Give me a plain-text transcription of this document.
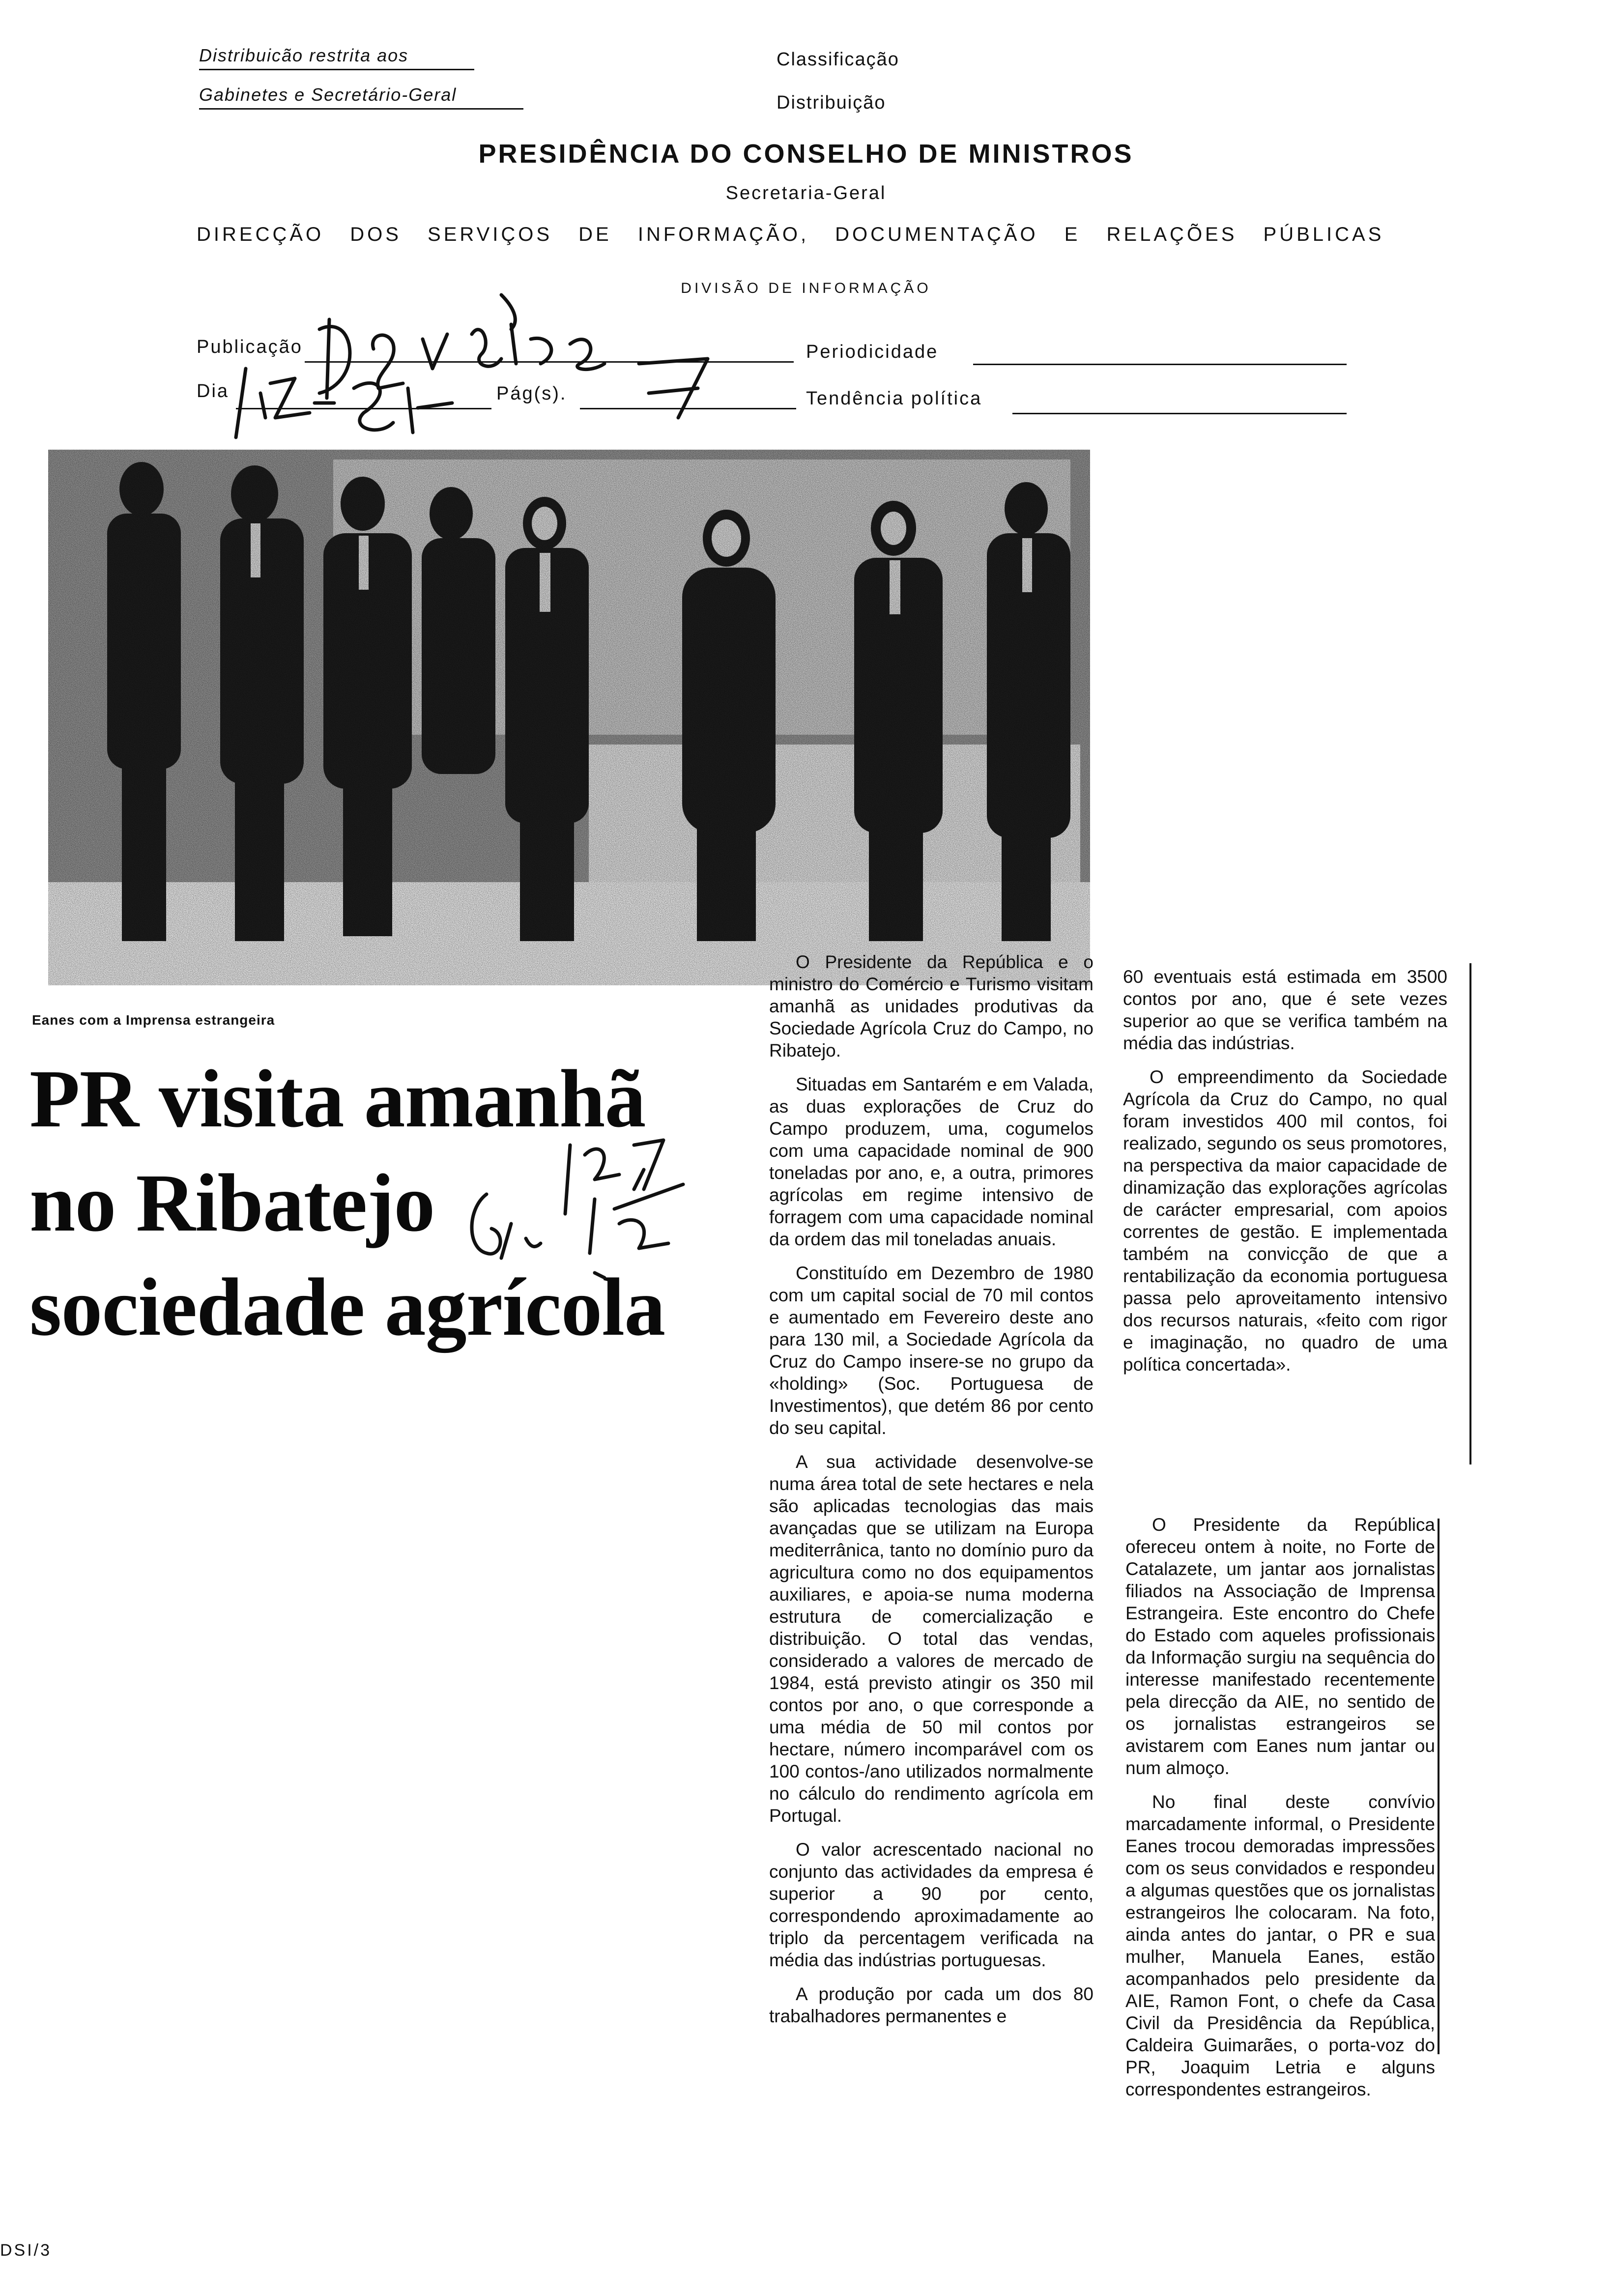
Distribuicão restrita aos
Gabinetes e Secretário-Geral
Classificação
Distribuição
PRESIDÊNCIA DO CONSELHO DE MINISTROS
Secretaria-Geral
DIRECÇÃO DOS SERVIÇOS DE INFORMAÇÃO, DOCUMENTAÇÃO E RELAÇÕES PÚBLICAS
DIVISÃO DE INFORMAÇÃO
Publicação	Periodicidade
Dia	Pág(s).	Tendência política
Eanes com a Imprensa estrangeira
PR visita amanhã
no Ribatejo
sociedade agrícola

O Presidente da República e o ministro do Comércio e Turismo visitam amanhã as unidades produtivas da Sociedade Agrícola Cruz do Campo, no Ribatejo.

Situadas em Santarém e em Valada, as duas explorações de Cruz do Campo produzem, uma, cogumelos com uma capacidade nominal de 900 toneladas por ano, e, a outra, primores agrícolas em regime intensivo de forragem com uma capacidade nominal da ordem das mil toneladas anuais.

Constituído em Dezembro de 1980 com um capital social de 70 mil contos e aumentado em Fevereiro deste ano para 130 mil, a Sociedade Agrícola da Cruz do Campo insere-se no grupo da «holding» (Soc. Portuguesa de Investimentos), que detém 86 por cento do seu capital.

A sua actividade desenvolve-se numa área total de sete hectares e nela são aplicadas tecnologias das mais avançadas que se utilizam na Europa mediterrânica, tanto no domínio puro da agricultura como no dos equipamentos auxiliares, e apoia-se numa moderna estrutura de comercialização e distribuição. O total das vendas, considerado a valores de mercado de 1984, está previsto atingir os 350 mil contos por ano, o que corresponde a uma média de 50 mil contos por hectare, número incomparável com os 100 contos-/ano utilizados normalmente no cálculo do rendimento agrícola em Portugal.

O valor acrescentado nacional no conjunto das actividades da empresa é superior a 90 por cento, correspondendo aproximadamente ao triplo da percentagem verificada na média das indústrias portuguesas.

A produção por cada um dos 80 trabalhadores permanentes e

60 eventuais está estimada em 3500 contos por ano, que é sete vezes superior ao que se verifica também na média das indústrias.

O empreendimento da Sociedade Agrícola da Cruz do Campo, no qual foram investidos 400 mil contos, foi realizado, segundo os seus promotores, na perspectiva da maior capacidade de dinamização das explorações agrícolas de carácter empresarial, com apoios correntes de gestão. E implementada também na convicção de que a rentabilização da economia portuguesa passa pelo aproveitamento intensivo dos recursos naturais, «feito com rigor e imaginação, no quadro de uma política concertada».

O Presidente da República ofereceu ontem à noite, no Forte de Catalazete, um jantar aos jornalistas filiados na Associação de Imprensa Estrangeira. Este encontro do Chefe do Estado com aqueles profissionais da Informação surgiu na sequência do interesse manifestado recentemente pela direcção da AIE, no sentido de os jornalistas estrangeiros se avistarem com Eanes num jantar ou num almoço.

No final deste convívio marcadamente informal, o Presidente Eanes trocou demoradas impressões com os seus convidados e respondeu a algumas questões que os jornalistas estrangeiros lhe colocaram. Na foto, ainda antes do jantar, o PR e sua mulher, Manuela Eanes, estão acompanhados pelo presidente da AIE, Ramon Font, o chefe da Casa Civil da Presidência da República, Caldeira Guimarães, o porta-voz do PR, Joaquim Letria e alguns correspondentes estrangeiros.

DSI/3
